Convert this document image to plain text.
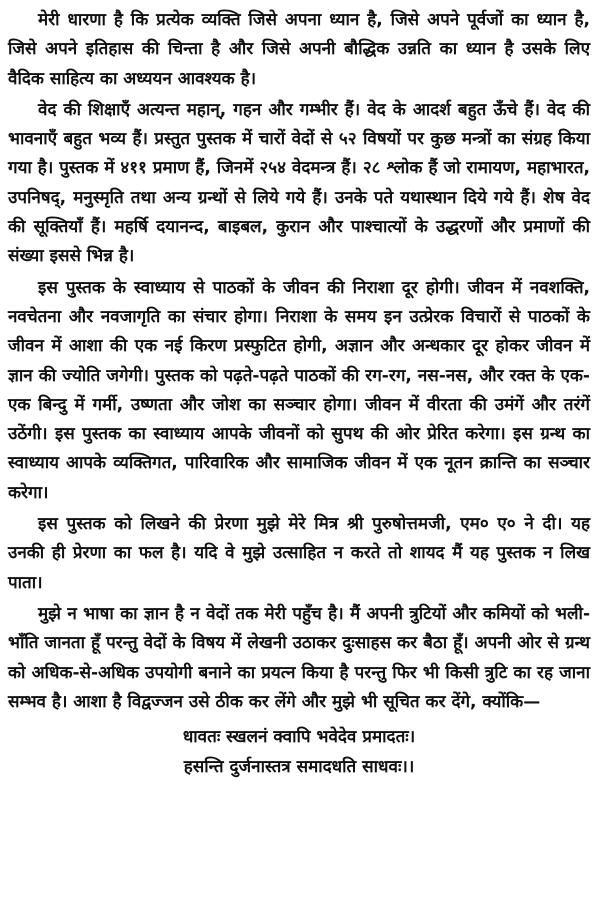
मेरी धारणा है कि प्रत्येक व्यक्ति जिसे अपना ध्यान है, जिसे अपने पूर्वजों का ध्यान है, जिसे अपने इतिहास की चिन्ता है और जिसे अपनी बौद्धिक उन्नति का ध्यान है उसके लिए वैदिक साहित्य का अध्ययन आवश्यक है।

वेद की शिक्षाएँ अत्यन्त महान्, गहन और गम्भीर हैं। वेद के आदर्श बहुत ऊँचे हैं। वेद की भावनाएँ बहुत भव्य हैं। प्रस्तुत पुस्तक में चारों वेदों से ५२ विषयों पर कुछ मन्त्रों का संग्रह किया गया है। पुस्तक में ४११ प्रमाण हैं, जिनमें २५४ वेदमन्त्र हैं। २८ श्लोक हैं जो रामायण, महाभारत, उपनिषद्, मनुस्मृति तथा अन्य ग्रन्थों से लिये गये हैं। उनके पते यथास्थान दिये गये हैं। शेष वेद की सूक्तियाँ हैं। महर्षि दयानन्द, बाइबल, कुरान और पाश्चात्यों के उद्धरणों और प्रमाणों की संख्या इससे भिन्न है।

इस पुस्तक के स्वाध्याय से पाठकों के जीवन की निराशा दूर होगी। जीवन में नवशक्ति, नवचेतना और नवजागृति का संचार होगा। निराशा के समय इन उत्प्रेरक विचारों से पाठकों के जीवन में आशा की एक नई किरण प्रस्फुटित होगी, अज्ञान और अन्धकार दूर होकर जीवन में ज्ञान की ज्योति जगेगी। पुस्तक को पढ़ते-पढ़ते पाठकों की रग-रग, नस-नस, और रक्त के एक-एक बिन्दु में गर्मी, उष्णता और जोश का सञ्चार होगा। जीवन में वीरता की उमंगें और तरंगें उठेंगी। इस पुस्तक का स्वाध्याय आपके जीवनों को सुपथ की ओर प्रेरित करेगा। इस ग्रन्थ का स्वाध्याय आपके व्यक्तिगत, पारिवारिक और सामाजिक जीवन में एक नूतन क्रान्ति का सञ्चार करेगा।

इस पुस्तक को लिखने की प्रेरणा मुझे मेरे मित्र श्री पुरुषोत्तमजी, एम० ए० ने दी। यह उनकी ही प्रेरणा का फल है। यदि वे मुझे उत्साहित न करते तो शायद मैं यह पुस्तक न लिख पाता।

मुझे न भाषा का ज्ञान है न वेदों तक मेरी पहुँच है। मैं अपनी त्रुटियों और कमियों को भली-भाँति जानता हूँ परन्तु वेदों के विषय में लेखनी उठाकर दुःसाहस कर बैठा हूँ। अपनी ओर से ग्रन्थ को अधिक-से-अधिक उपयोगी बनाने का प्रयत्न किया है परन्तु फिर भी किसी त्रुटि का रह जाना सम्भव है। आशा है विद्वज्जन उसे ठीक कर लेंगे और मुझे भी सूचित कर देंगे, क्योंकि—

धावतः स्खलनं क्वापि भवेदेव प्रमादतः।
हसन्ति दुर्जनास्तत्र समादधति साधवः।।
